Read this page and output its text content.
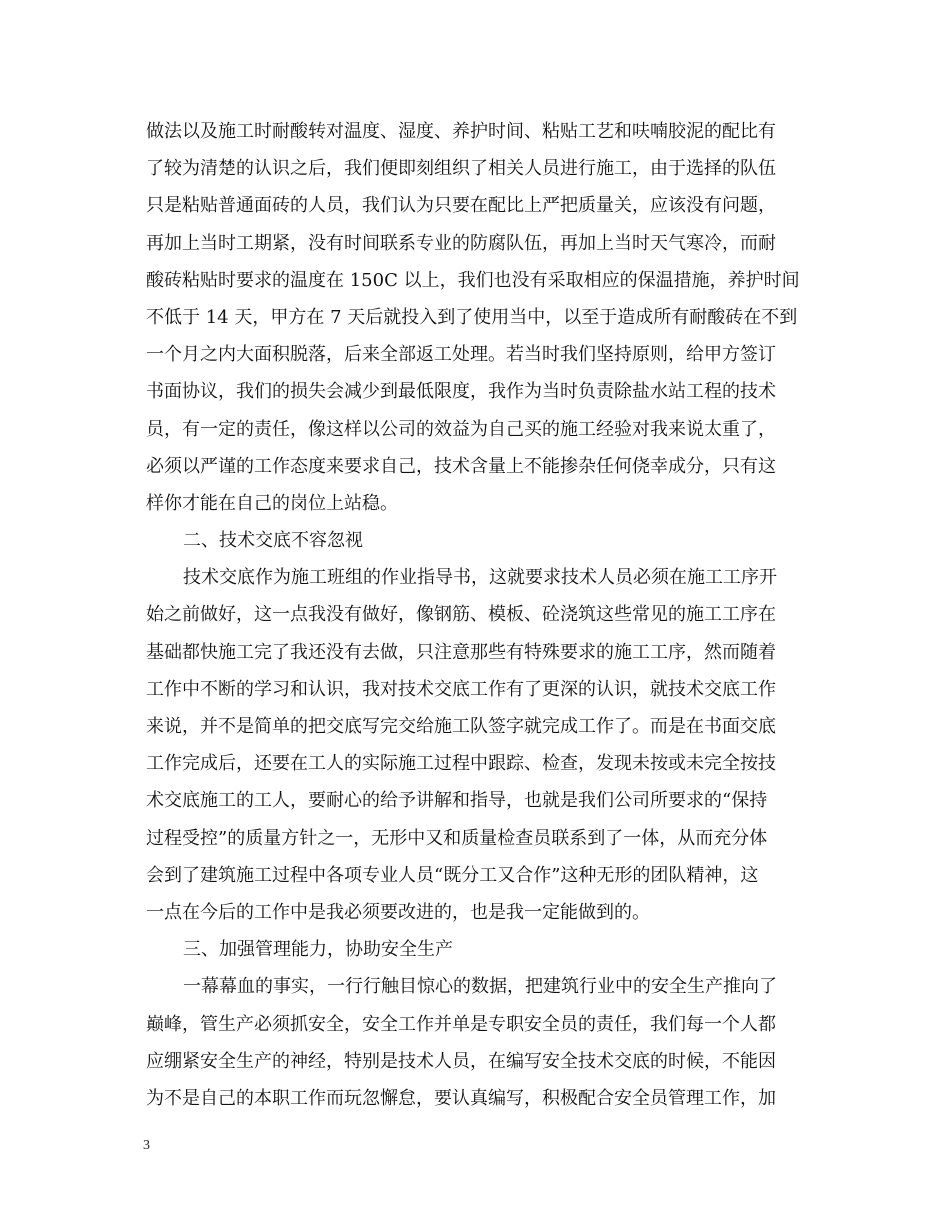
做法以及施工时耐酸转对温度、湿度、养护时间、粘贴工艺和呋喃胶泥的配比有
了较为清楚的认识之后，我们便即刻组织了相关人员进行施工，由于选择的队伍
只是粘贴普通面砖的人员，我们认为只要在配比上严把质量关，应该没有问题，
再加上当时工期紧，没有时间联系专业的防腐队伍，再加上当时天气寒冷，而耐
酸砖粘贴时要求的温度在 150C 以上，我们也没有采取相应的保温措施，养护时间
不低于 14 天，甲方在 7 天后就投入到了使用当中，以至于造成所有耐酸砖在不到
一个月之内大面积脱落，后来全部返工处理。若当时我们坚持原则，给甲方签订
书面协议，我们的损失会减少到最低限度，我作为当时负责除盐水站工程的技术
员，有一定的责任，像这样以公司的效益为自己买的施工经验对我来说太重了，
必须以严谨的工作态度来要求自己，技术含量上不能掺杂任何侥幸成分，只有这
样你才能在自己的岗位上站稳。
二、技术交底不容忽视
技术交底作为施工班组的作业指导书，这就要求技术人员必须在施工工序开
始之前做好，这一点我没有做好，像钢筋、模板、砼浇筑这些常见的施工工序在
基础都快施工完了我还没有去做，只注意那些有特殊要求的施工工序，然而随着
工作中不断的学习和认识，我对技术交底工作有了更深的认识，就技术交底工作
来说，并不是简单的把交底写完交给施工队签字就完成工作了。而是在书面交底
工作完成后，还要在工人的实际施工过程中跟踪、检查，发现未按或未完全按技
术交底施工的工人，要耐心的给予讲解和指导，也就是我们公司所要求的“保持
过程受控”的质量方针之一，无形中又和质量检查员联系到了一体，从而充分体
会到了建筑施工过程中各项专业人员“既分工又合作”这种无形的团队精神，这
一点在今后的工作中是我必须要改进的，也是我一定能做到的。
三、加强管理能力，协助安全生产
一幕幕血的事实，一行行触目惊心的数据，把建筑行业中的安全生产推向了
巅峰，管生产必须抓安全，安全工作并单是专职安全员的责任，我们每一个人都
应绷紧安全生产的神经，特别是技术人员，在编写安全技术交底的时候，不能因
为不是自己的本职工作而玩忽懈怠，要认真编写，积极配合安全员管理工作，加
3
